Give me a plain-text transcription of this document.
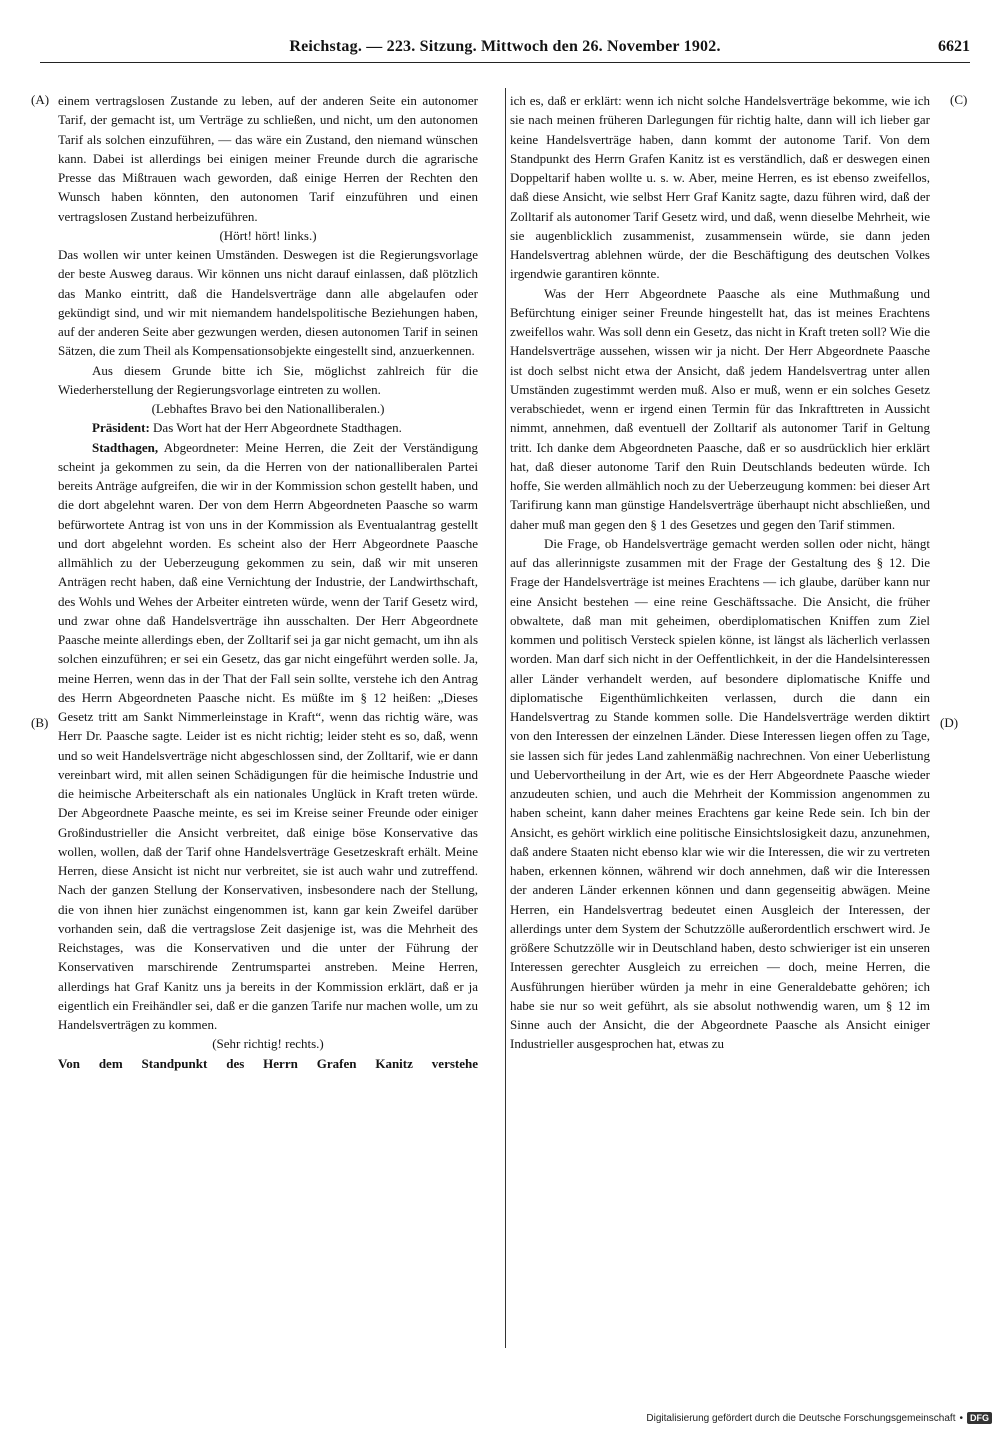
Reichstag. — 223. Sitzung. Mittwoch den 26. November 1902.	6621
(A)
(B)
(C)
(D)

einem vertragslosen Zustande zu leben, auf der anderen Seite ein autonomer Tarif, der gemacht ist, um Verträge zu schließen, und nicht, um den autonomen Tarif als solchen einzuführen, — das wäre ein Zustand, den niemand wünschen kann. Dabei ist allerdings bei einigen meiner Freunde durch die agrarische Presse das Mißtrauen wach geworden, daß einige Herren der Rechten den Wunsch haben könnten, den autonomen Tarif einzuführen und einen vertragslosen Zustand herbeizuführen.

(Hört! hört! links.)

Das wollen wir unter keinen Umständen. Deswegen ist die Regierungsvorlage der beste Ausweg daraus. Wir können uns nicht darauf einlassen, daß plötzlich das Manko eintritt, daß die Handelsverträge dann alle abgelaufen oder gekündigt sind, und wir mit niemandem handelspolitische Beziehungen haben, auf der anderen Seite aber gezwungen werden, diesen autonomen Tarif in seinen Sätzen, die zum Theil als Kompensationsobjekte eingestellt sind, anzuerkennen.

Aus diesem Grunde bitte ich Sie, möglichst zahlreich für die Wiederherstellung der Regierungsvorlage eintreten zu wollen.

(Lebhaftes Bravo bei den Nationalliberalen.)

Präsident: Das Wort hat der Herr Abgeordnete Stadthagen.

Stadthagen, Abgeordneter: Meine Herren, die Zeit der Verständigung scheint ja gekommen zu sein, da die Herren von der nationalliberalen Partei bereits Anträge aufgreifen, die wir in der Kommission schon gestellt haben, und die dort abgelehnt waren. Der von dem Herrn Abgeordneten Paasche so warm befürwortete Antrag ist von uns in der Kommission als Eventualantrag gestellt und dort abgelehnt worden. Es scheint also der Herr Abgeordnete Paasche allmählich zu der Ueberzeugung gekommen zu sein, daß wir mit unseren Anträgen recht haben, daß eine Vernichtung der Industrie, der Landwirthschaft, des Wohls und Wehes der Arbeiter eintreten würde, wenn der Tarif Gesetz wird, und zwar ohne daß Handelsverträge ihn ausschalten. Der Herr Abgeordnete Paasche meinte allerdings eben, der Zolltarif sei ja gar nicht gemacht, um ihn als solchen einzuführen; er sei ein Gesetz, das gar nicht eingeführt werden solle. Ja, meine Herren, wenn das in der That der Fall sein sollte, verstehe ich den Antrag des Herrn Abgeordneten Paasche nicht. Es müßte im § 12 heißen: „Dieses Gesetz tritt am Sankt Nimmerleinstage in Kraft“, wenn das richtig wäre, was Herr Dr. Paasche sagte. Leider ist es nicht richtig; leider steht es so, daß, wenn und so weit Handelsverträge nicht abgeschlossen sind, der Zolltarif, wie er dann vereinbart wird, mit allen seinen Schädigungen für die heimische Industrie und die heimische Arbeiterschaft als ein nationales Unglück in Kraft treten würde. Der Abgeordnete Paasche meinte, es sei im Kreise seiner Freunde oder einiger Großindustrieller die Ansicht verbreitet, daß einige böse Konservative das wollen, wollen, daß der Tarif ohne Handelsverträge Gesetzeskraft erhält. Meine Herren, diese Ansicht ist nicht nur verbreitet, sie ist auch wahr und zutreffend. Nach der ganzen Stellung der Konservativen, insbesondere nach der Stellung, die von ihnen hier zunächst eingenommen ist, kann gar kein Zweifel darüber vorhanden sein, daß die vertragslose Zeit dasjenige ist, was die Mehrheit des Reichstages, was die Konservativen und die unter der Führung der Konservativen marschirende Zentrumspartei anstreben. Meine Herren, allerdings hat Graf Kanitz uns ja bereits in der Kommission erklärt, daß er ja eigentlich ein Freihändler sei, daß er die ganzen Tarife nur machen wolle, um zu Handelsverträgen zu kommen.

(Sehr richtig! rechts.)

Von dem Standpunkt des Herrn Grafen Kanitz verstehe

ich es, daß er erklärt: wenn ich nicht solche Handelsverträge bekomme, wie ich sie nach meinen früheren Darlegungen für richtig halte, dann will ich lieber gar keine Handelsverträge haben, dann kommt der autonome Tarif. Von dem Standpunkt des Herrn Grafen Kanitz ist es verständlich, daß er deswegen einen Doppeltarif haben wollte u. s. w. Aber, meine Herren, es ist ebenso zweifellos, daß diese Ansicht, wie selbst Herr Graf Kanitz sagte, dazu führen wird, daß der Zolltarif als autonomer Tarif Gesetz wird, und daß, wenn dieselbe Mehrheit, wie sie augenblicklich zusammenist, zusammensein würde, sie dann jeden Handelsvertrag ablehnen würde, der die Beschäftigung des deutschen Volkes irgendwie garantiren könnte.

Was der Herr Abgeordnete Paasche als eine Muthmaßung und Befürchtung einiger seiner Freunde hingestellt hat, das ist meines Erachtens zweifellos wahr. Was soll denn ein Gesetz, das nicht in Kraft treten soll? Wie die Handelsverträge aussehen, wissen wir ja nicht. Der Herr Abgeordnete Paasche ist doch selbst nicht etwa der Ansicht, daß jedem Handelsvertrag unter allen Umständen zugestimmt werden muß. Also er muß, wenn er ein solches Gesetz verabschiedet, wenn er irgend einen Termin für das Inkrafttreten in Aussicht nimmt, annehmen, daß eventuell der Zolltarif als autonomer Tarif in Geltung tritt. Ich danke dem Abgeordneten Paasche, daß er so ausdrücklich hier erklärt hat, daß dieser autonome Tarif den Ruin Deutschlands bedeuten würde. Ich hoffe, Sie werden allmählich noch zu der Ueberzeugung kommen: bei dieser Art Tarifirung kann man günstige Handelsverträge überhaupt nicht abschließen, und daher muß man gegen den § 1 des Gesetzes und gegen den Tarif stimmen.

Die Frage, ob Handelsverträge gemacht werden sollen oder nicht, hängt auf das allerinnigste zusammen mit der Frage der Gestaltung des § 12. Die Frage der Handelsverträge ist meines Erachtens — ich glaube, darüber kann nur eine Ansicht bestehen — eine reine Geschäftssache. Die Ansicht, die früher obwaltete, daß man mit geheimen, oberdiplomatischen Kniffen zum Ziel kommen und politisch Versteck spielen könne, ist längst als lächerlich verlassen worden. Man darf sich nicht in der Oeffentlichkeit, in der die Handelsinteressen aller Länder verhandelt werden, auf besondere diplomatische Kniffe und diplomatische Eigenthümlichkeiten verlassen, durch die dann ein Handelsvertrag zu Stande kommen solle. Die Handelsverträge werden diktirt von den Interessen der einzelnen Länder. Diese Interessen liegen offen zu Tage, sie lassen sich für jedes Land zahlenmäßig nachrechnen. Von einer Ueberlistung und Uebervortheilung in der Art, wie es der Herr Abgeordnete Paasche wieder anzudeuten schien, und auch die Mehrheit der Kommission angenommen zu haben scheint, kann daher meines Erachtens gar keine Rede sein. Ich bin der Ansicht, es gehört wirklich eine politische Einsichtslosigkeit dazu, anzunehmen, daß andere Staaten nicht ebenso klar wie wir die Interessen, die wir zu vertreten haben, erkennen können, während wir doch annehmen, daß wir die Interessen der anderen Länder erkennen können und dann gegenseitig abwägen. Meine Herren, ein Handelsvertrag bedeutet einen Ausgleich der Interessen, der allerdings unter dem System der Schutzzölle außerordentlich erschwert wird. Je größere Schutzzölle wir in Deutschland haben, desto schwieriger ist ein unseren Interessen gerechter Ausgleich zu erreichen — doch, meine Herren, die Ausführungen hierüber würden ja mehr in eine Generaldebatte gehören; ich habe sie nur so weit geführt, als sie absolut nothwendig waren, um § 12 im Sinne auch der Ansicht, die der Abgeordnete Paasche als Ansicht einiger Industrieller ausgesprochen hat, etwas zu

Digitalisierung gefördert durch die Deutsche Forschungsgemeinschaft • DFG
